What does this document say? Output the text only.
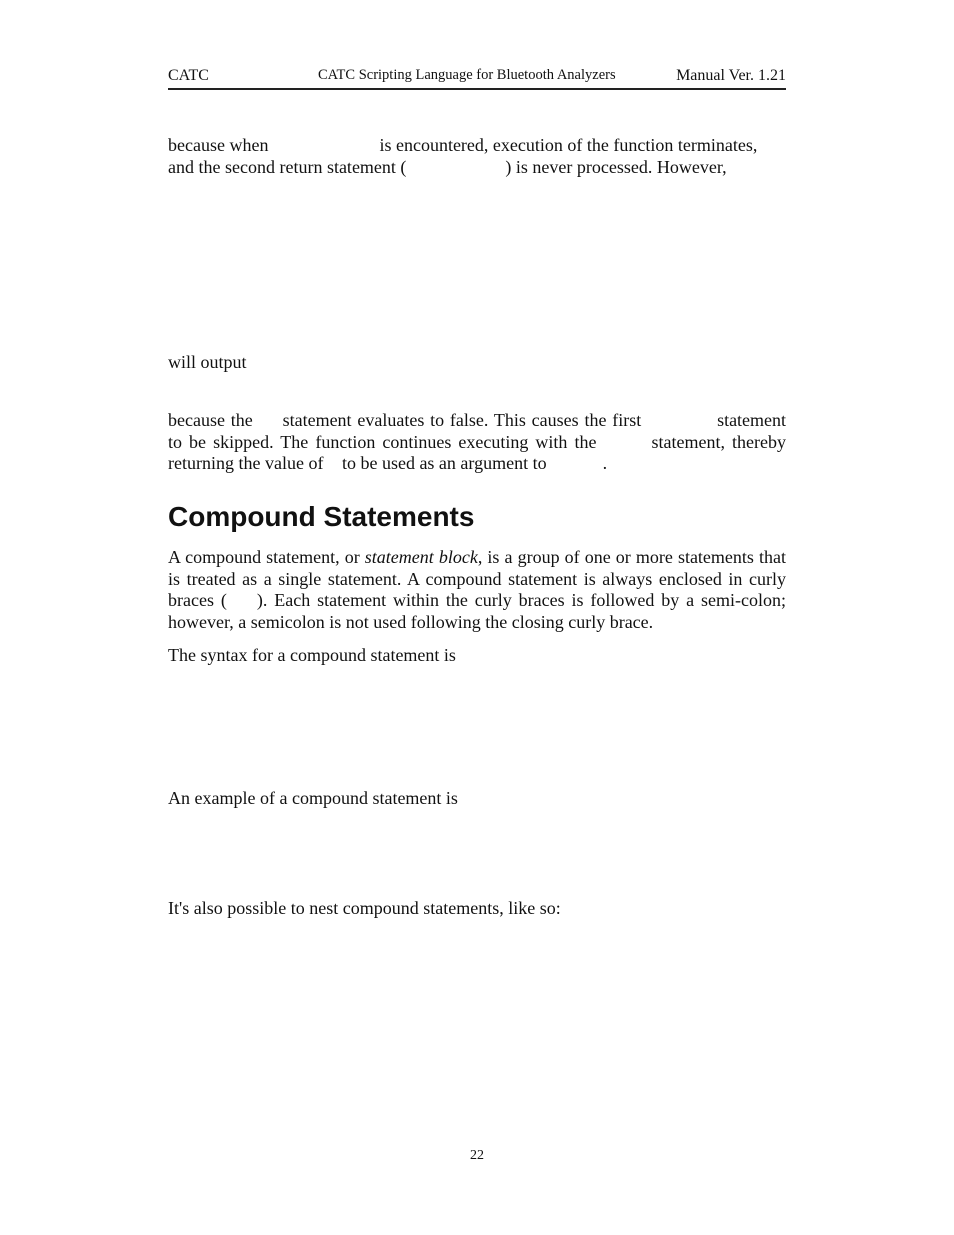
CATC	CATC Scripting Language for Bluetooth Analyzers	Manual Ver. 1.21

because when	is encountered, execution of the function terminates,
and the second return statement (	) is never processed. However,

will output

because the statement evaluates to false. This causes the first	statement to be skipped. The function continues executing with the	statement, thereby returning the value of to be used as an argument to	.

Compound Statements

A compound statement, or statement block, is a group of one or more statements that is treated as a single statement. A compound statement is always enclosed in curly braces ( ). Each statement within the curly braces is followed by a semi-colon; however, a semicolon is not used following the closing curly brace.

The syntax for a compound statement is

An example of a compound statement is

It's also possible to nest compound statements, like so:

22
